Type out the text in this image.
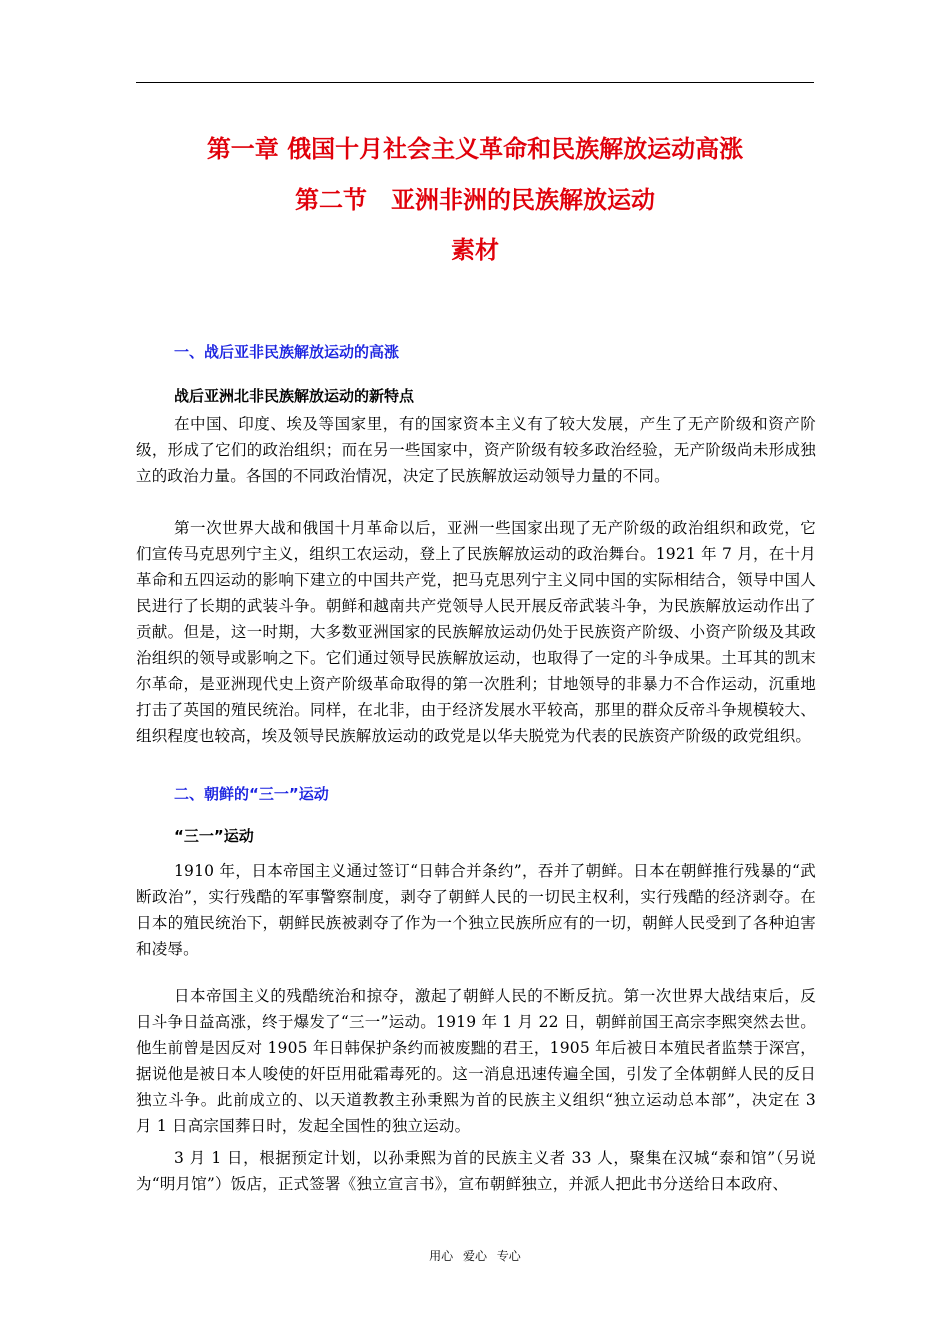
第一章 俄国十月社会主义革命和民族解放运动高涨
第二节　亚洲非洲的民族解放运动
素材
一、战后亚非民族解放运动的高涨
战后亚洲北非民族解放运动的新特点

在中国、印度、埃及等国家里，有的国家资本主义有了较大发展，产生了无产阶级和资产阶级，形成了它们的政治组织；而在另一些国家中，资产阶级有较多政治经验，无产阶级尚未形成独立的政治力量。各国的不同政治情况，决定了民族解放运动领导力量的不同。

第一次世界大战和俄国十月革命以后，亚洲一些国家出现了无产阶级的政治组织和政党，它们宣传马克思列宁主义，组织工农运动，登上了民族解放运动的政治舞台。1921 年 7 月，在十月革命和五四运动的影响下建立的中国共产党，把马克思列宁主义同中国的实际相结合，领导中国人民进行了长期的武装斗争。朝鲜和越南共产党领导人民开展反帝武装斗争，为民族解放运动作出了贡献。但是，这一时期，大多数亚洲国家的民族解放运动仍处于民族资产阶级、小资产阶级及其政治组织的领导或影响之下。它们通过领导民族解放运动，也取得了一定的斗争成果。土耳其的凯末尔革命，是亚洲现代史上资产阶级革命取得的第一次胜利；甘地领导的非暴力不合作运动，沉重地打击了英国的殖民统治。同样，在北非，由于经济发展水平较高，那里的群众反帝斗争规模较大、组织程度也较高，埃及领导民族解放运动的政党是以华夫脱党为代表的民族资产阶级的政党组织。

二、朝鲜的“三一”运动
“三一”运动

1910 年，日本帝国主义通过签订“日韩合并条约”，吞并了朝鲜。日本在朝鲜推行残暴的“武断政治”，实行残酷的军事警察制度，剥夺了朝鲜人民的一切民主权利，实行残酷的经济剥夺。在日本的殖民统治下，朝鲜民族被剥夺了作为一个独立民族所应有的一切，朝鲜人民受到了各种迫害和凌辱。

日本帝国主义的残酷统治和掠夺，激起了朝鲜人民的不断反抗。第一次世界大战结束后，反日斗争日益高涨，终于爆发了“三一”运动。1919 年 1 月 22 日，朝鲜前国王高宗李熙突然去世。他生前曾是因反对 1905 年日韩保护条约而被废黜的君王，1905 年后被日本殖民者监禁于深宫，据说他是被日本人唆使的奸臣用砒霜毒死的。这一消息迅速传遍全国，引发了全体朝鲜人民的反日独立斗争。此前成立的、以天道教教主孙秉熙为首的民族主义组织“独立运动总本部”，决定在 3 月 1 日高宗国葬日时，发起全国性的独立运动。

3 月 1 日，根据预定计划，以孙秉熙为首的民族主义者 33 人，聚集在汉城“泰和馆”（另说为“明月馆”）饭店，正式签署《独立宣言书》，宣布朝鲜独立，并派人把此书分送给日本政府、

用心 爱心 专心
